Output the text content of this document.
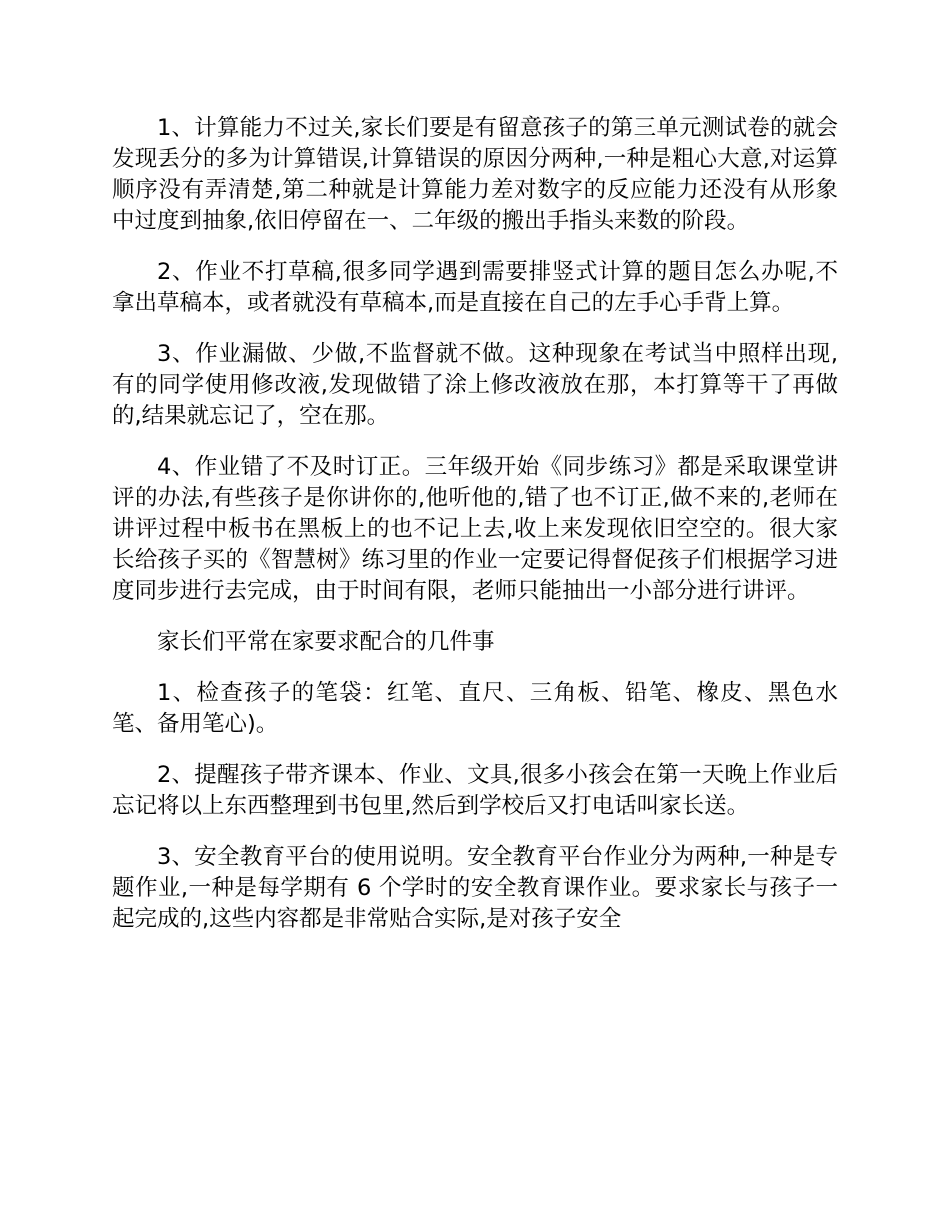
1、计算能力不过关,家长们要是有留意孩子的第三单元测试卷的就会发现丢分的多为计算错误,计算错误的原因分两种,一种是粗心大意,对运算顺序没有弄清楚,第二种就是计算能力差对数字的反应能力还没有从形象中过度到抽象,依旧停留在一、二年级的搬出手指头来数的阶段。

2、作业不打草稿,很多同学遇到需要排竖式计算的题目怎么办呢,不拿出草稿本，或者就没有草稿本,而是直接在自己的左手心手背上算。

3、作业漏做、少做,不监督就不做。这种现象在考试当中照样出现,有的同学使用修改液,发现做错了涂上修改液放在那，本打算等干了再做的,结果就忘记了，空在那。

4、作业错了不及时订正。三年级开始《同步练习》都是采取课堂讲评的办法,有些孩子是你讲你的,他听他的,错了也不订正,做不来的,老师在讲评过程中板书在黑板上的也不记上去,收上来发现依旧空空的。很大家长给孩子买的《智慧树》练习里的作业一定要记得督促孩子们根据学习进度同步进行去完成，由于时间有限，老师只能抽出一小部分进行讲评。

家长们平常在家要求配合的几件事

1、检查孩子的笔袋：红笔、直尺、三角板、铅笔、橡皮、黑色水笔、备用笔心)。

2、提醒孩子带齐课本、作业、文具,很多小孩会在第一天晚上作业后忘记将以上东西整理到书包里,然后到学校后又打电话叫家长送。

3、安全教育平台的使用说明。安全教育平台作业分为两种,一种是专题作业,一种是每学期有 6 个学时的安全教育课作业。要求家长与孩子一起完成的,这些内容都是非常贴合实际,是对孩子安全
